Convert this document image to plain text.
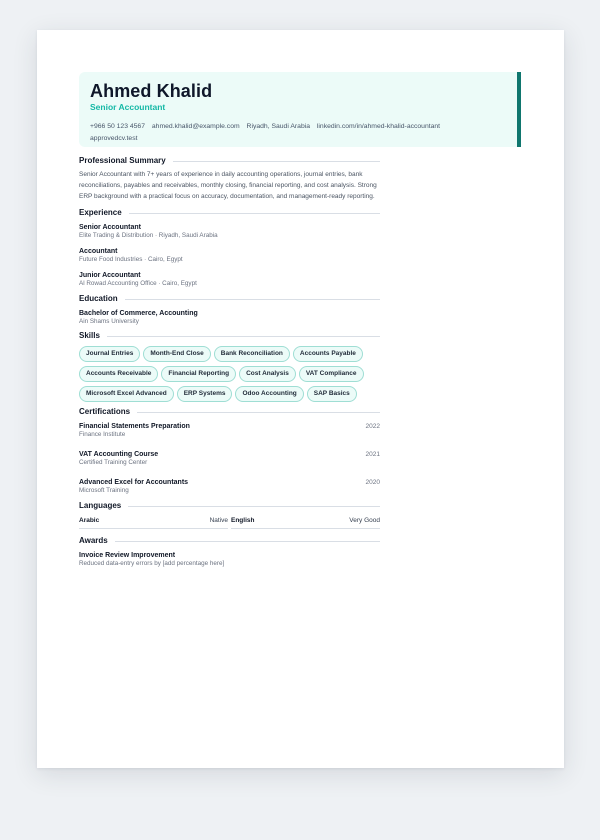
Ahmed Khalid
Senior Accountant
+966 50 123 4567 ahmed.khalid@example.com Riyadh, Saudi Arabia linkedin.com/in/ahmed-khalid-accountant
approvedcv.test
Professional Summary
Senior Accountant with 7+ years of experience in daily accounting operations, journal entries, bank reconciliations, payables and receivables, monthly closing, financial reporting, and cost analysis. Strong ERP background with a practical focus on accuracy, documentation, and management-ready reporting.
Experience
Senior Accountant
Elite Trading & Distribution · Riyadh, Saudi Arabia
Accountant
Future Food Industries · Cairo, Egypt
Junior Accountant
Al Rowad Accounting Office · Cairo, Egypt
Education
Bachelor of Commerce, Accounting
Ain Shams University
Skills
Journal Entries	Month-End Close	Bank Reconciliation	Accounts Payable
Accounts Receivable	Financial Reporting	Cost Analysis	VAT Compliance
Microsoft Excel Advanced	ERP Systems	Odoo Accounting	SAP Basics
Certifications
Financial Statements Preparation
Finance Institute
2022
VAT Accounting Course
Certified Training Center
2021
Advanced Excel for Accountants
Microsoft Training
2020
Languages
Arabic	Native English	Very Good
Awards
Invoice Review Improvement
Reduced data-entry errors by [add percentage here]
